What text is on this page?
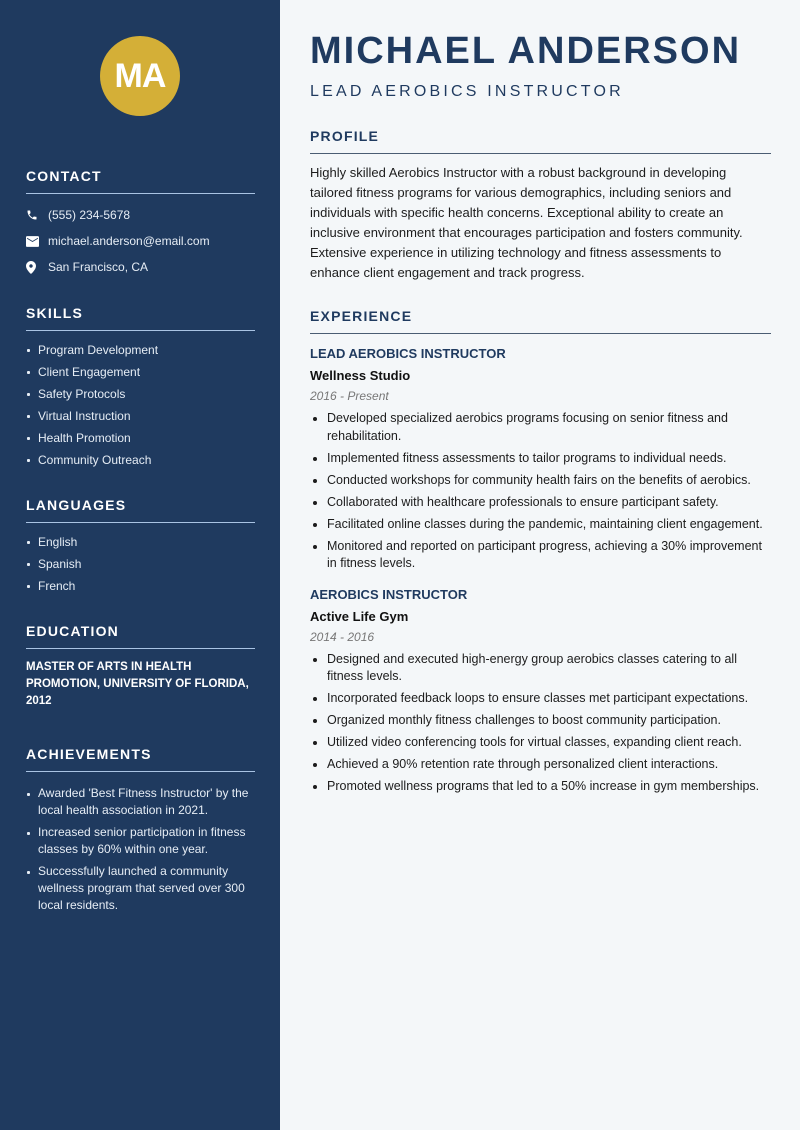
MA
CONTACT
(555) 234-5678
michael.anderson@email.com
San Francisco, CA
SKILLS
Program Development
Client Engagement
Safety Protocols
Virtual Instruction
Health Promotion
Community Outreach
LANGUAGES
English
Spanish
French
EDUCATION

MASTER OF ARTS IN HEALTH PROMOTION, UNIVERSITY OF FLORIDA, 2012

ACHIEVEMENTS
Awarded 'Best Fitness Instructor' by the local health association in 2021.
Increased senior participation in fitness classes by 60% within one year.
Successfully launched a community wellness program that served over 300 local residents.
MICHAEL ANDERSON
LEAD AEROBICS INSTRUCTOR
PROFILE

Highly skilled Aerobics Instructor with a robust background in developing tailored fitness programs for various demographics, including seniors and individuals with specific health concerns. Exceptional ability to create an inclusive environment that encourages participation and fosters community. Extensive experience in utilizing technology and fitness assessments to enhance client engagement and track progress.

EXPERIENCE
LEAD AEROBICS INSTRUCTOR
Wellness Studio
2016 - Present
Developed specialized aerobics programs focusing on senior fitness and rehabilitation.
Implemented fitness assessments to tailor programs to individual needs.
Conducted workshops for community health fairs on the benefits of aerobics.
Collaborated with healthcare professionals to ensure participant safety.
Facilitated online classes during the pandemic, maintaining client engagement.
Monitored and reported on participant progress, achieving a 30% improvement in fitness levels.
AEROBICS INSTRUCTOR
Active Life Gym
2014 - 2016
Designed and executed high-energy group aerobics classes catering to all fitness levels.
Incorporated feedback loops to ensure classes met participant expectations.
Organized monthly fitness challenges to boost community participation.
Utilized video conferencing tools for virtual classes, expanding client reach.
Achieved a 90% retention rate through personalized client interactions.
Promoted wellness programs that led to a 50% increase in gym memberships.
